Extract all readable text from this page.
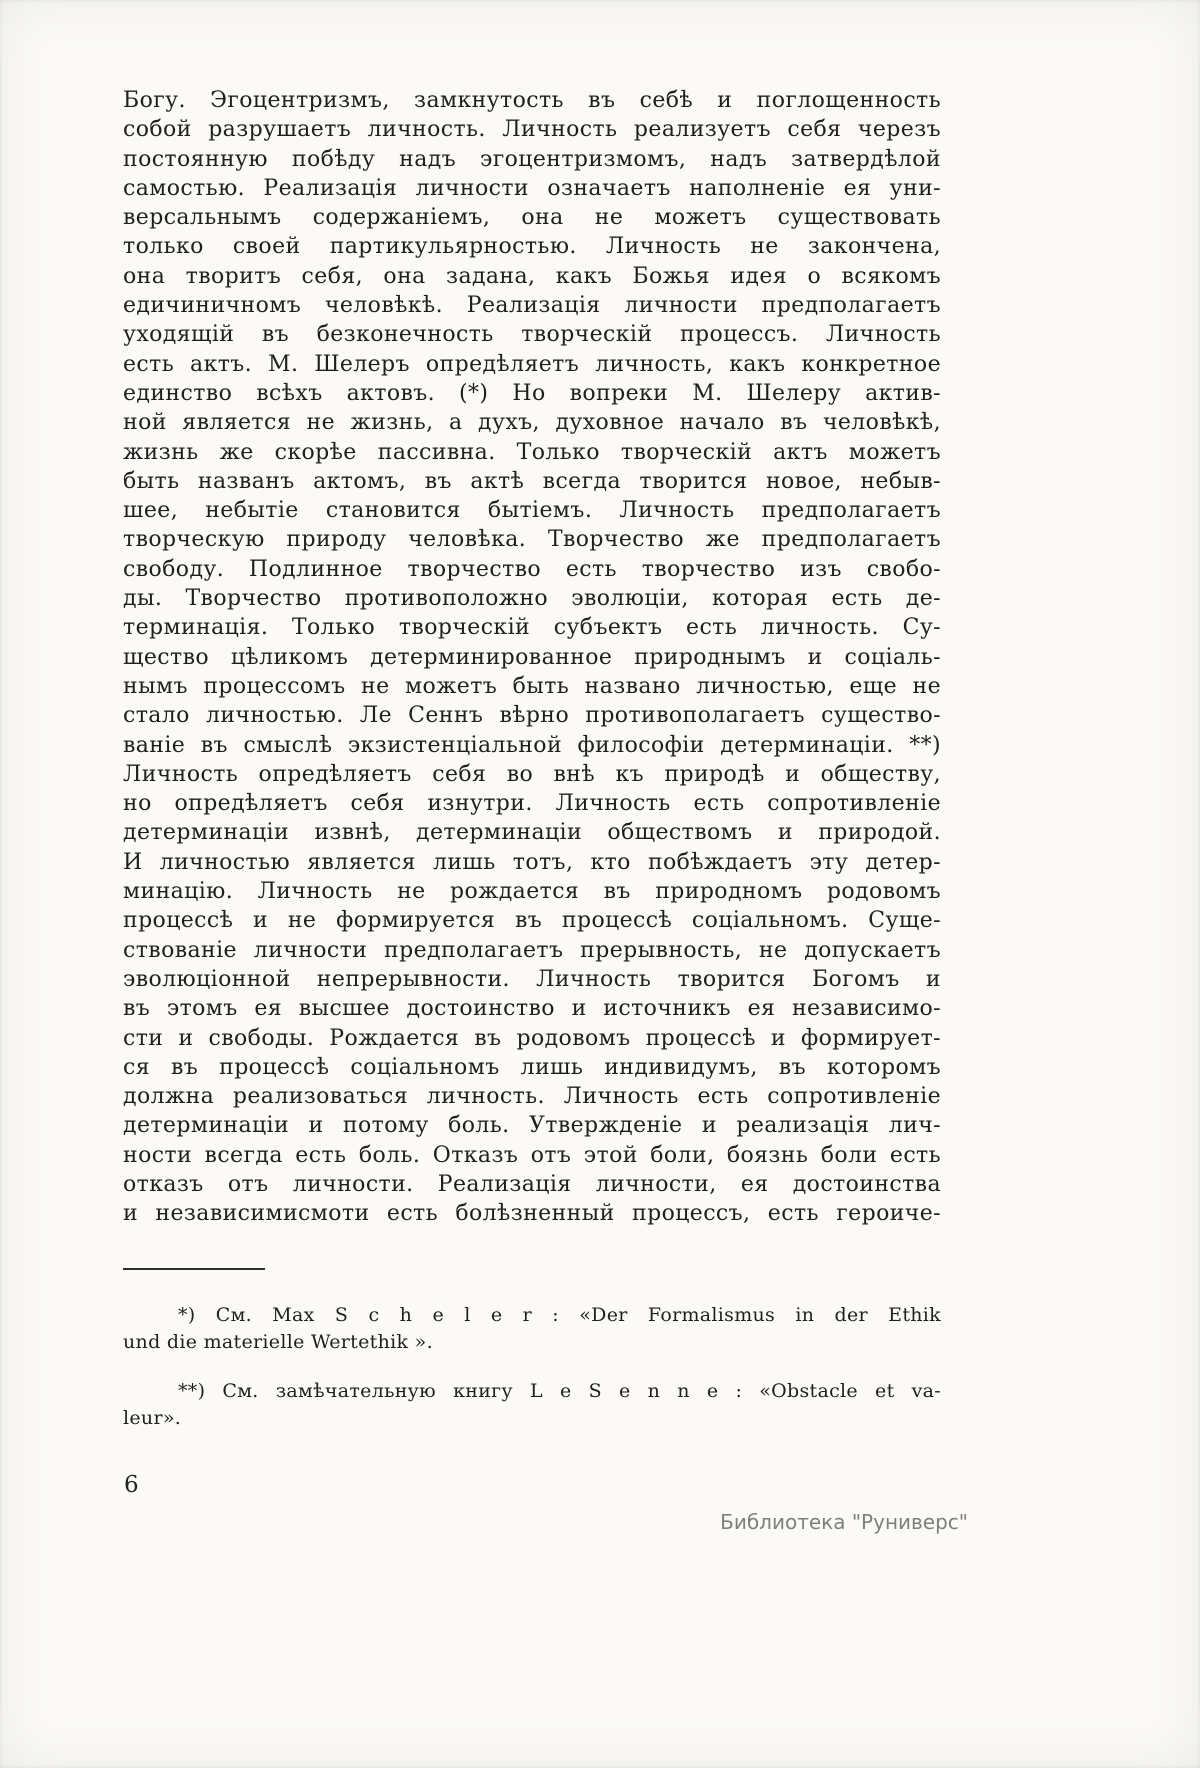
Богу. Эгоцентризмъ, замкнутость въ себѣ и поглощенность
собой разрушаетъ личность. Личность реализуетъ себя черезъ
постоянную побѣду надъ эгоцентризмомъ, надъ затвердѣлой
самостью. Реализація личности означаетъ наполненіе ея уни-
версальнымъ содержаніемъ, она не можетъ существовать
только своей партикульярностью. Личность не закончена,
она творитъ себя, она задана, какъ Божья идея о всякомъ
едичиничномъ человѣкѣ. Реализація личности предполагаетъ
уходящій въ безконечность творческій процессъ. Личность
есть актъ. М. Шелеръ опредѣляетъ личность, какъ конкретное
единство всѣхъ актовъ. (*) Но вопреки М. Шелеру актив-
ной является не жизнь, а духъ, духовное начало въ человѣкѣ,
жизнь же скорѣе пассивна. Только творческій актъ можетъ
быть названъ актомъ, въ актѣ всегда творится новое, небыв-
шее, небытіе становится бытіемъ. Личность предполагаетъ
творческую природу человѣка. Творчество же предполагаетъ
свободу. Подлинное творчество есть творчество изъ свобо-
ды. Творчество противоположно эволюціи, которая есть де-
терминація. Только творческій субъектъ есть личность. Су-
щество цѣликомъ детерминированное природнымъ и соціаль-
нымъ процессомъ не можетъ быть названо личностью, еще не
стало личностью. Ле Сеннъ вѣрно противополагаетъ существо-
ваніе въ смыслѣ экзистенціальной философіи детерминаціи. **)
Личность опредѣляетъ себя во внѣ къ природѣ и обществу,
но опредѣляетъ себя изнутри. Личность есть сопротивленіе
детерминаціи извнѣ, детерминаціи обществомъ и природой.
И личностью является лишь тотъ, кто побѣждаетъ эту детер-
минацію. Личность не рождается въ природномъ родовомъ
процессѣ и не формируется въ процессѣ соціальномъ. Суще-
ствованіе личности предполагаетъ прерывность, не допускаетъ
эволюціонной непрерывности. Личность творится Богомъ и
въ этомъ ея высшее достоинство и источникъ ея независимо-
сти и свободы. Рождается въ родовомъ процессѣ и формирует-
ся въ процессѣ соціальномъ лишь индивидумъ, въ которомъ
должна реализоваться личность. Личность есть сопротивленіе
детерминаціи и потому боль. Утвержденіе и реализація лич-
ности всегда есть боль. Отказъ отъ этой боли, боязнь боли есть
отказъ отъ личности. Реализація личности, ея достоинства
и независимисмоти есть болѣзненный процессъ, есть героиче-
*) См. Max S c h e l e r : «Der Formalismus in der Ethik
und die materielle Wertethik ».
**) См. замѣчательную книгу L e S e n n e : «Obstacle et va-
leur».
6
Библиотека "Руниверс"
